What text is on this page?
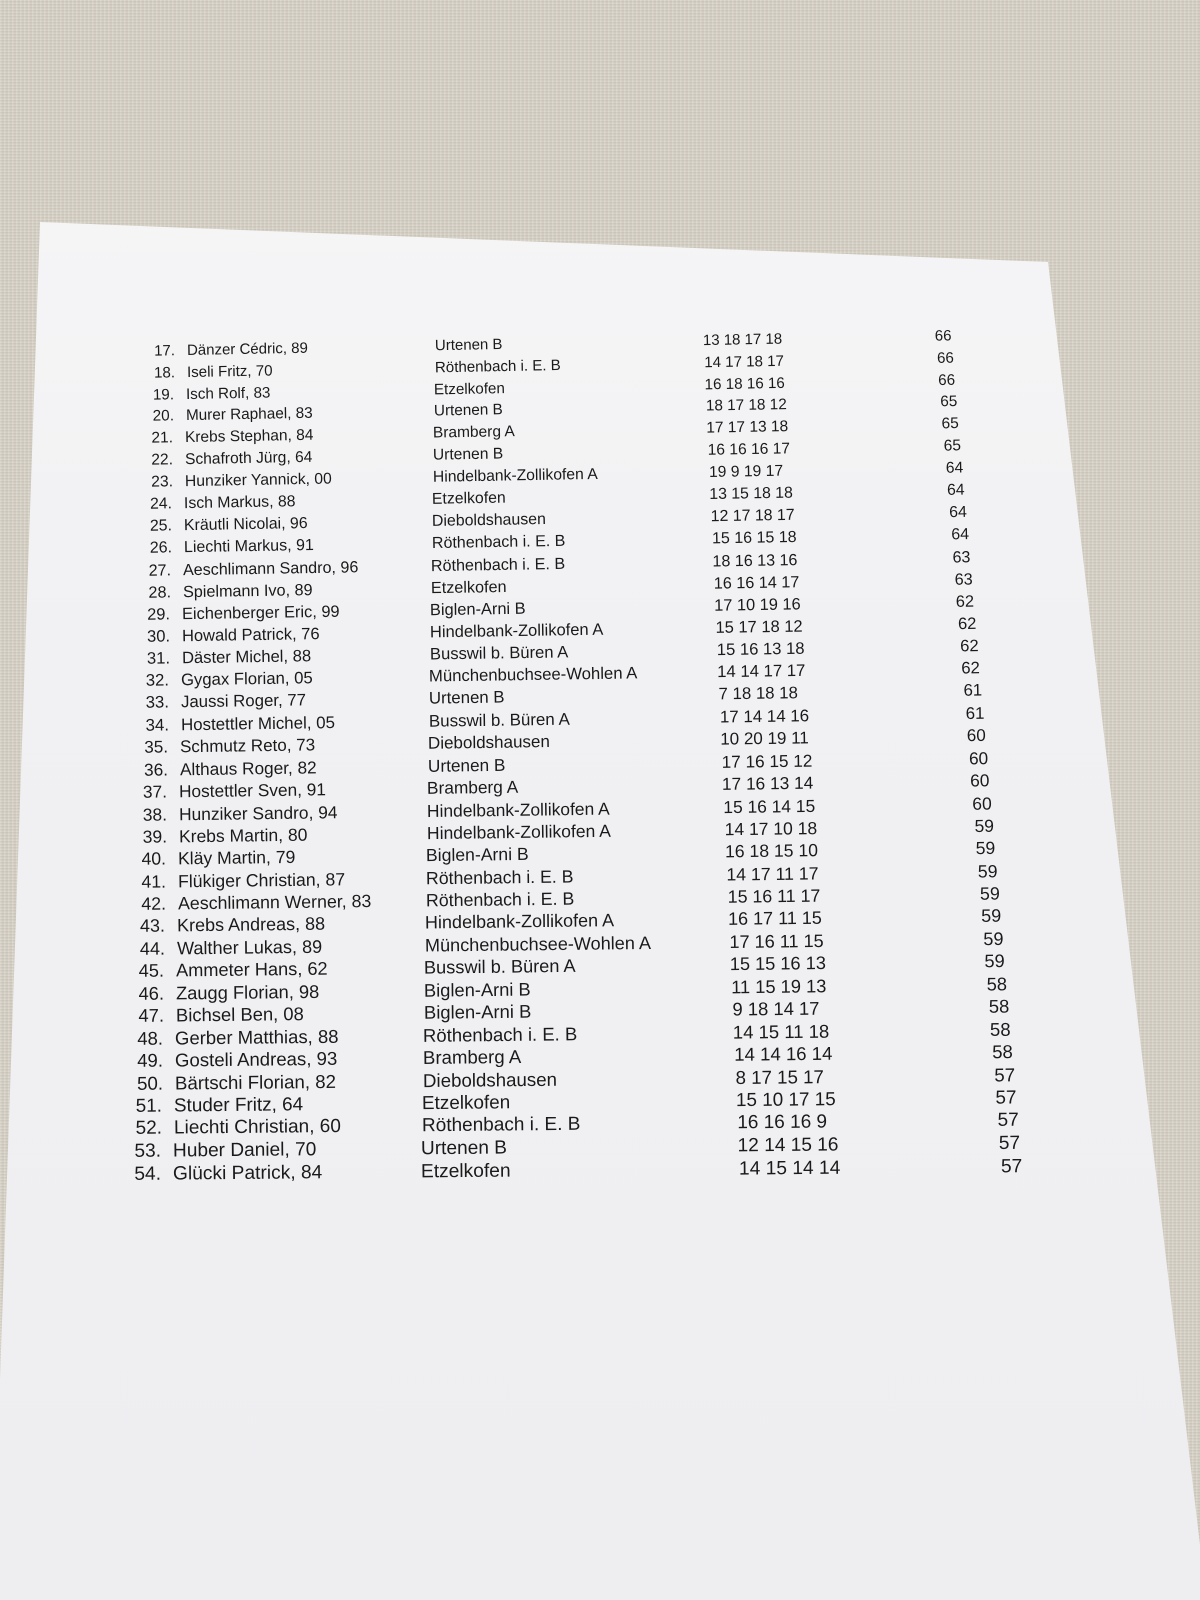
17. Dänzer Cédric, 89	Urtenen B	13 18 17 18	66
18. Iseli Fritz, 70	Röthenbach i. E. B	14 17 18 17	66
19. Isch Rolf, 83	Etzelkofen	16 18 16 16	66
20. Murer Raphael, 83	Urtenen B	18 17 18 12	65
21. Krebs Stephan, 84	Bramberg A	17 17 13 18	65
22. Schafroth Jürg, 64	Urtenen B	16 16 16 17	65
23. Hunziker Yannick, 00	Hindelbank-Zollikofen A	19 9 19 17	64
24. Isch Markus, 88	Etzelkofen	13 15 18 18	64
25. Kräutli Nicolai, 96	Dieboldshausen	12 17 18 17	64
26. Liechti Markus, 91	Röthenbach i. E. B	15 16 15 18	64
27. Aeschlimann Sandro, 96	Röthenbach i. E. B	18 16 13 16	63
28. Spielmann Ivo, 89	Etzelkofen	16 16 14 17	63
29. Eichenberger Eric, 99	Biglen-Arni B	17 10 19 16	62
30. Howald Patrick, 76	Hindelbank-Zollikofen A	15 17 18 12	62
31. Däster Michel, 88	Busswil b. Büren A	15 16 13 18	62
32. Gygax Florian, 05	Münchenbuchsee-Wohlen A	14 14 17 17	62
33. Jaussi Roger, 77	Urtenen B	7 18 18 18	61
34. Hostettler Michel, 05	Busswil b. Büren A	17 14 14 16	61
35. Schmutz Reto, 73	Dieboldshausen	10 20 19 11	60
36. Althaus Roger, 82	Urtenen B	17 16 15 12	60
37. Hostettler Sven, 91	Bramberg A	17 16 13 14	60
38. Hunziker Sandro, 94	Hindelbank-Zollikofen A	15 16 14 15	60
39. Krebs Martin, 80	Hindelbank-Zollikofen A	14 17 10 18	59
40. Kläy Martin, 79	Biglen-Arni B	16 18 15 10	59
41. Flükiger Christian, 87	Röthenbach i. E. B	14 17 11 17	59
42. Aeschlimann Werner, 83	Röthenbach i. E. B	15 16 11 17	59
43. Krebs Andreas, 88	Hindelbank-Zollikofen A	16 17 11 15	59
44. Walther Lukas, 89	Münchenbuchsee-Wohlen A	17 16 11 15	59
45. Ammeter Hans, 62	Busswil b. Büren A	15 15 16 13	59
46. Zaugg Florian, 98	Biglen-Arni B	11 15 19 13	58
47. Bichsel Ben, 08	Biglen-Arni B	9 18 14 17	58
48. Gerber Matthias, 88	Röthenbach i. E. B	14 15 11 18	58
49. Gosteli Andreas, 93	Bramberg A	14 14 16 14	58
50. Bärtschi Florian, 82	Dieboldshausen	8 17 15 17	57
51. Studer Fritz, 64	Etzelkofen	15 10 17 15	57
52. Liechti Christian, 60	Röthenbach i. E. B	16 16 16 9	57
53. Huber Daniel, 70	Urtenen B	12 14 15 16	57
54. Glücki Patrick, 84	Etzelkofen	14 15 14 14	57
